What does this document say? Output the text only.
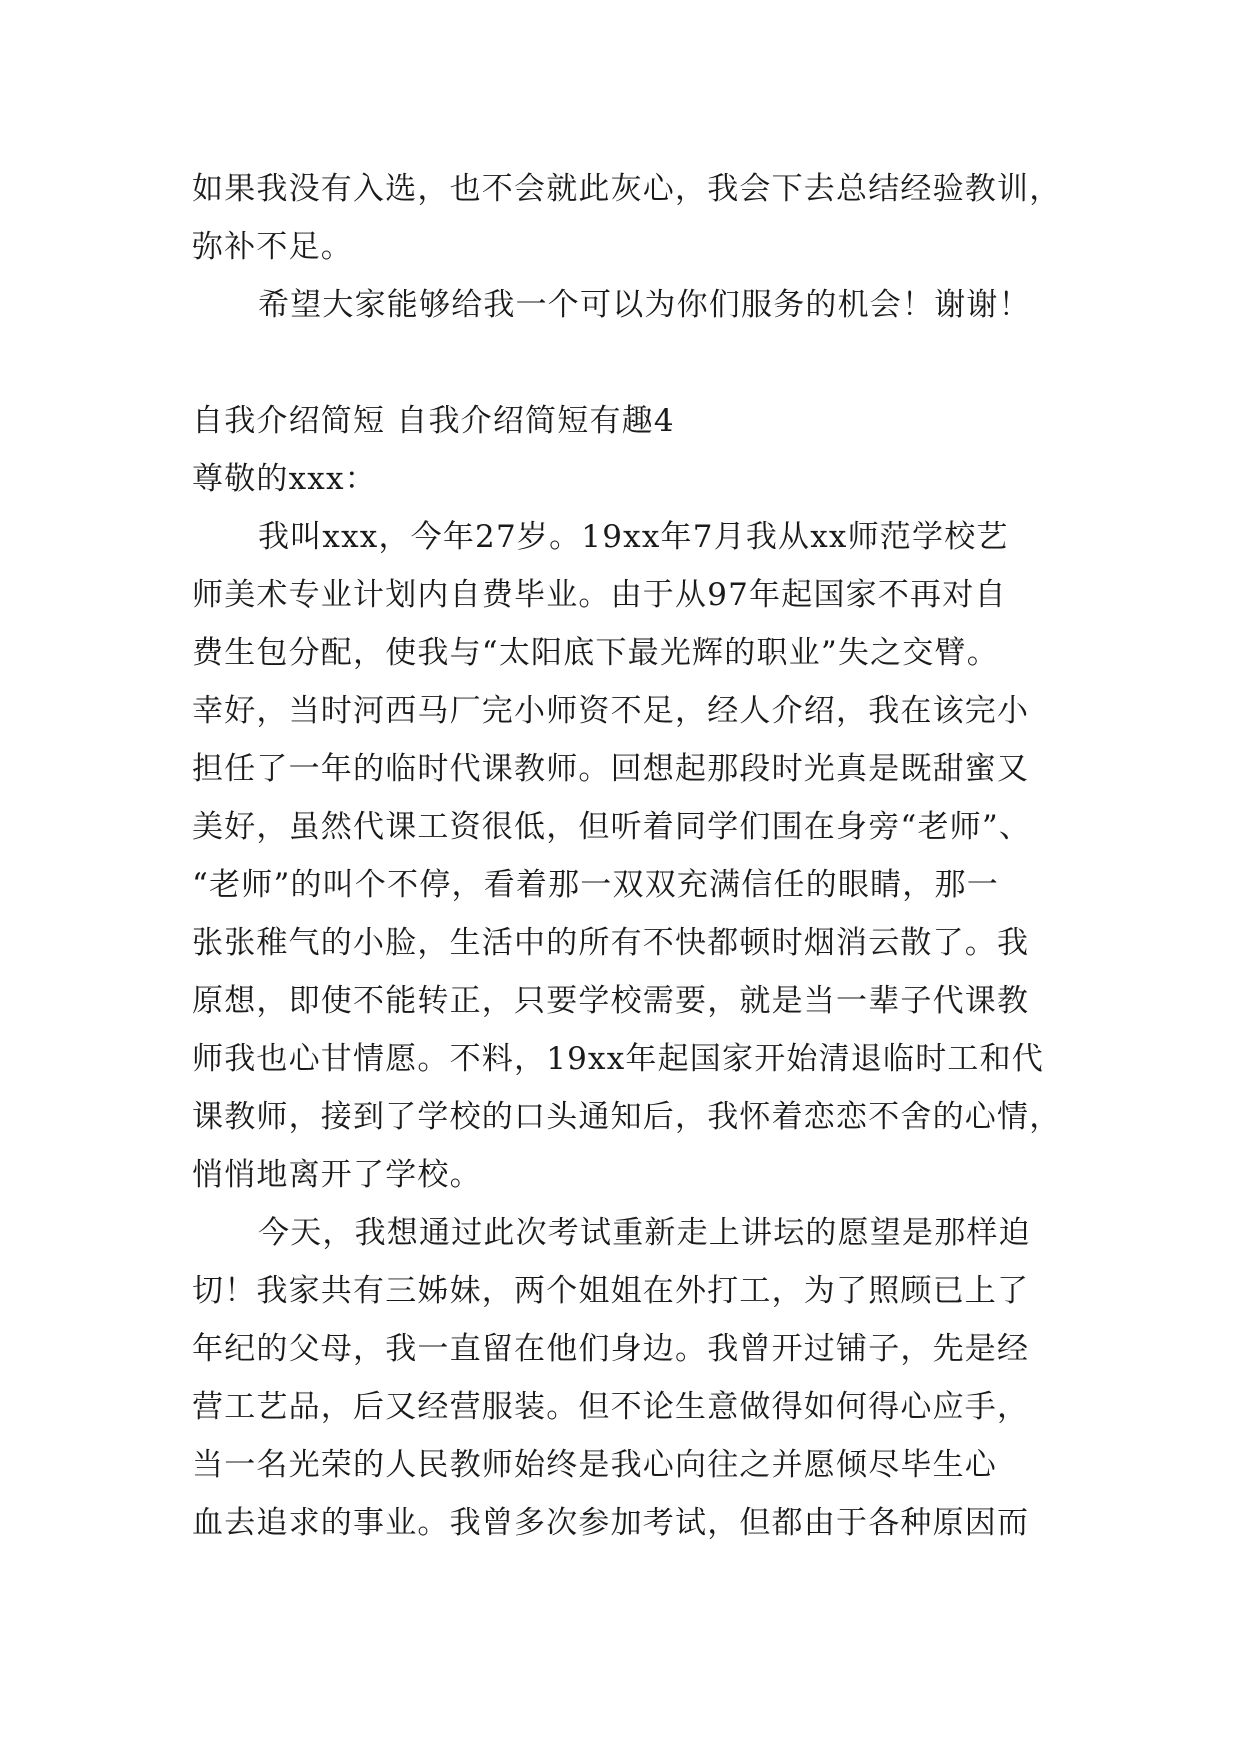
如果我没有入选，也不会就此灰心，我会下去总结经验教训，
弥补不足。
希望大家能够给我一个可以为你们服务的机会！谢谢！
自我介绍简短 自我介绍简短有趣4
尊敬的xxx：
我叫xxx，今年27岁。19xx年7月我从xx师范学校艺
师美术专业计划内自费毕业。由于从97年起国家不再对自
费生包分配，使我与“太阳底下最光辉的职业”失之交臂。
幸好，当时河西马厂完小师资不足，经人介绍，我在该完小
担任了一年的临时代课教师。回想起那段时光真是既甜蜜又
美好，虽然代课工资很低，但听着同学们围在身旁“老师”、
“老师”的叫个不停，看着那一双双充满信任的眼睛，那一
张张稚气的小脸，生活中的所有不快都顿时烟消云散了。我
原想，即使不能转正，只要学校需要，就是当一辈子代课教
师我也心甘情愿。不料，19xx年起国家开始清退临时工和代
课教师，接到了学校的口头通知后，我怀着恋恋不舍的心情，
悄悄地离开了学校。
今天，我想通过此次考试重新走上讲坛的愿望是那样迫
切！我家共有三姊妹，两个姐姐在外打工，为了照顾已上了
年纪的父母，我一直留在他们身边。我曾开过铺子，先是经
营工艺品，后又经营服装。但不论生意做得如何得心应手，
当一名光荣的人民教师始终是我心向往之并愿倾尽毕生心
血去追求的事业。我曾多次参加考试，但都由于各种原因而
